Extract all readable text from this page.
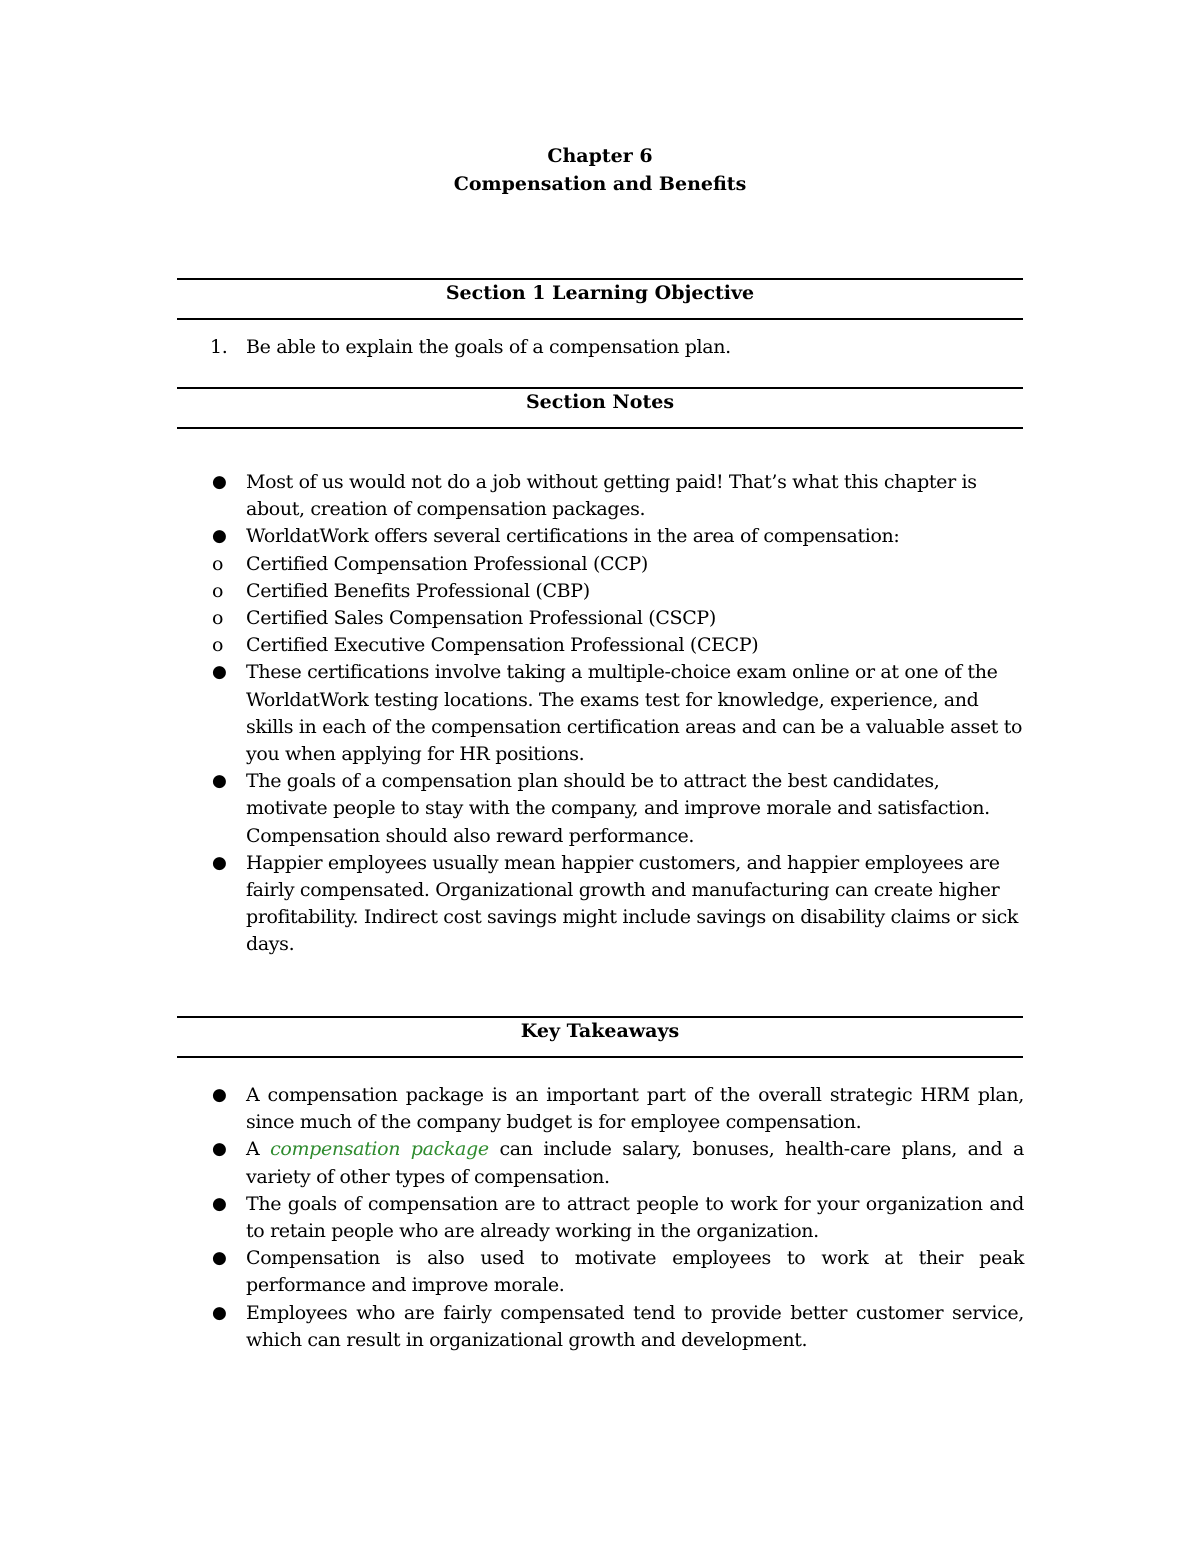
Chapter 6
Compensation and Benefits
Section 1 Learning Objective
1. Be able to explain the goals of a compensation plan.
Section Notes
● Most of us would not do a job without getting paid! That’s what this chapter is about, creation of compensation packages.
● WorldatWork offers several certifications in the area of compensation:
o Certified Compensation Professional (CCP)
o Certified Benefits Professional (CBP)
o Certified Sales Compensation Professional (CSCP)
o Certified Executive Compensation Professional (CECP)
● These certifications involve taking a multiple-choice exam online or at one of the WorldatWork testing locations. The exams test for knowledge, experience, and skills in each of the compensation certification areas and can be a valuable asset to you when applying for HR positions.
● The goals of a compensation plan should be to attract the best candidates, motivate people to stay with the company, and improve morale and satisfaction. Compensation should also reward performance.
● Happier employees usually mean happier customers, and happier employees are fairly compensated. Organizational growth and manufacturing can create higher profitability. Indirect cost savings might include savings on disability claims or sick days.
Key Takeaways
● A compensation package is an important part of the overall strategic HRM plan, since much of the company budget is for employee compensation.
● A compensation package can include salary, bonuses, health-care plans, and a variety of other types of compensation.
● The goals of compensation are to attract people to work for your organization and to retain people who are already working in the organization.
● Compensation is also used to motivate employees to work at their peak performance and improve morale.
● Employees who are fairly compensated tend to provide better customer service, which can result in organizational growth and development.
